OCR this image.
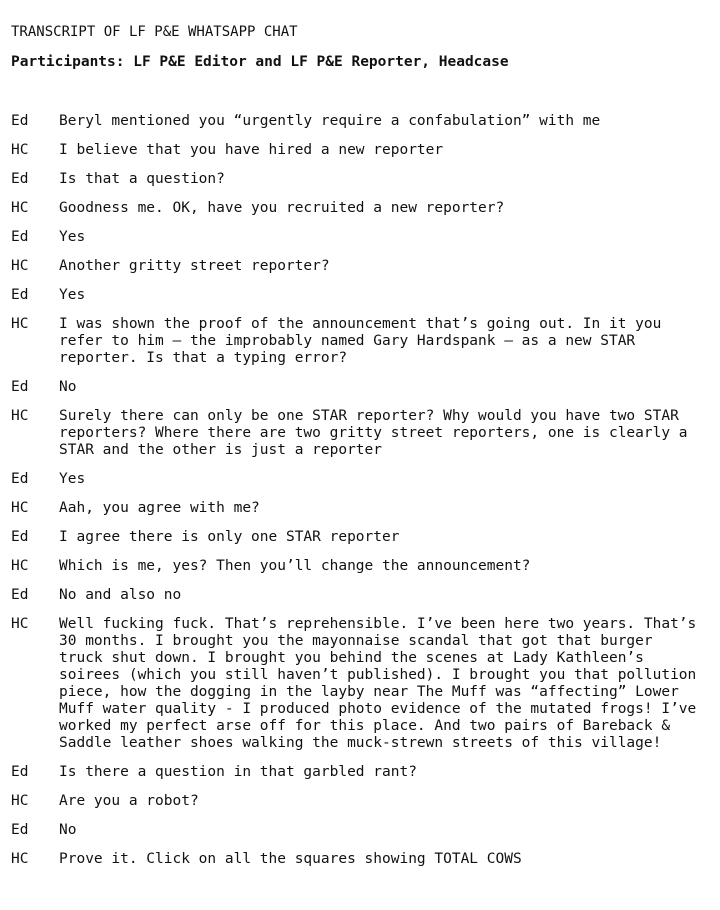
TRANSCRIPT OF LF P&E WHATSAPP CHAT
Participants: LF P&E Editor and LF P&E Reporter, Headcase
Ed	Beryl mentioned you “urgently require a confabulation” with me
HC	I believe that you have hired a new reporter
Ed	Is that a question?
HC	Goodness me. OK, have you recruited a new reporter?
Ed	Yes
HC	Another gritty street reporter?
Ed	Yes
HC	I was shown the proof of the announcement that’s going out. In it you
refer to him – the improbably named Gary Hardspank – as a new STAR
reporter. Is that a typing error?
Ed	No
HC	Surely there can only be one STAR reporter? Why would you have two STAR
reporters? Where there are two gritty street reporters, one is clearly a
STAR and the other is just a reporter
Ed	Yes
HC	Aah, you agree with me?
Ed	I agree there is only one STAR reporter
HC	Which is me, yes? Then you’ll change the announcement?
Ed	No and also no
HC	Well fucking fuck. That’s reprehensible. I’ve been here two years. That’s
30 months. I brought you the mayonnaise scandal that got that burger
truck shut down. I brought you behind the scenes at Lady Kathleen’s
soirees (which you still haven’t published). I brought you that pollution
piece, how the dogging in the layby near The Muff was “affecting” Lower
Muff water quality - I produced photo evidence of the mutated frogs! I’ve
worked my perfect arse off for this place. And two pairs of Bareback &
Saddle leather shoes walking the muck-strewn streets of this village!
Ed	Is there a question in that garbled rant?
HC	Are you a robot?
Ed	No
HC	Prove it. Click on all the squares showing TOTAL COWS
